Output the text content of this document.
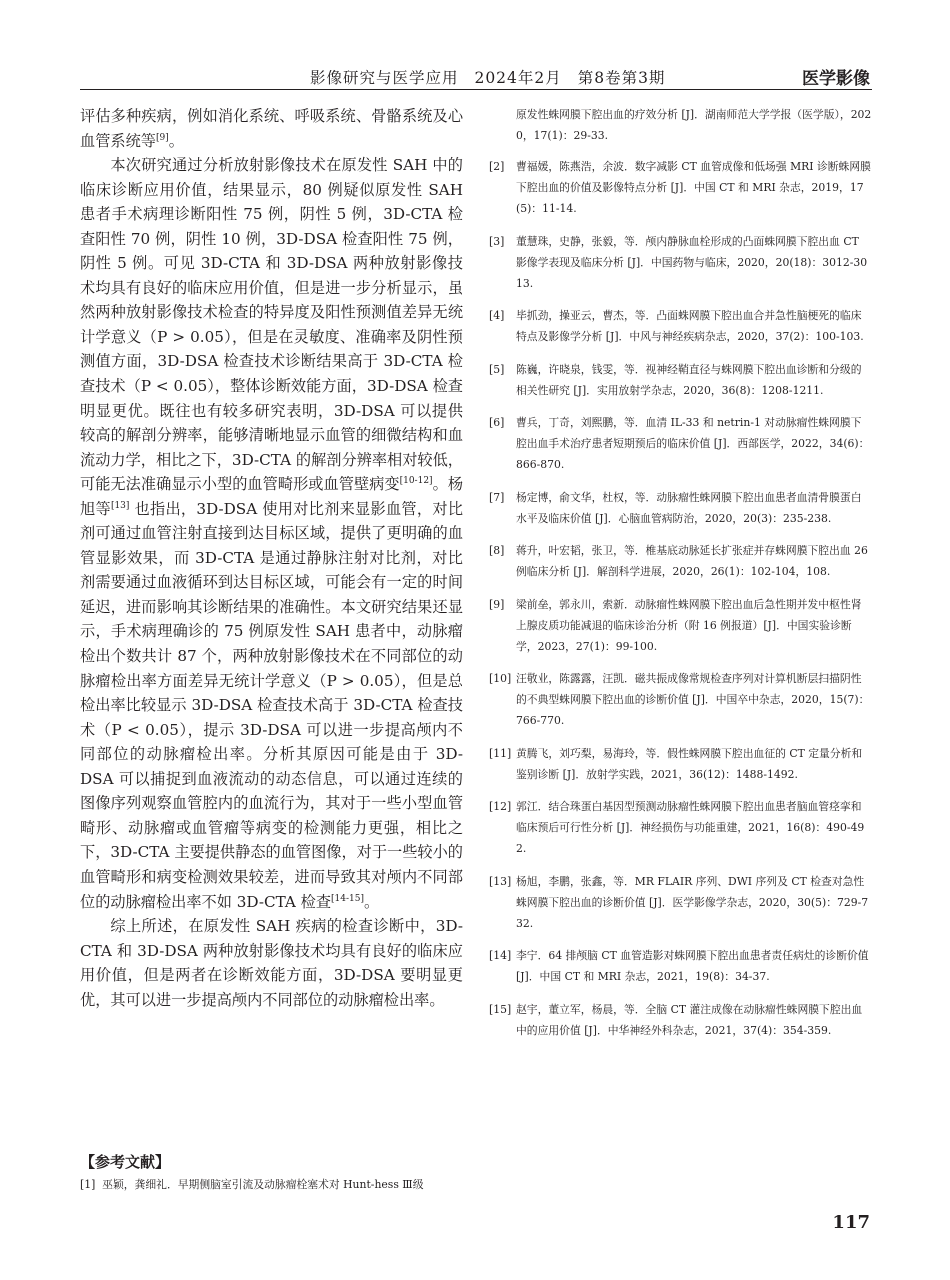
影像研究与医学应用 2024年2月 第8卷第3期	医学影像

评估多种疾病，例如消化系统、呼吸系统、骨骼系统及心血管系统等[9]。

本次研究通过分析放射影像技术在原发性 SAH 中的临床诊断应用价值，结果显示，80 例疑似原发性 SAH 患者手术病理诊断阳性 75 例，阴性 5 例，3D-CTA 检查阳性 70 例，阴性 10 例，3D-DSA 检查阳性 75 例，阴性 5 例。可见 3D-CTA 和 3D-DSA 两种放射影像技术均具有良好的临床应用价值，但是进一步分析显示，虽然两种放射影像技术检查的特异度及阳性预测值差异无统计学意义（P > 0.05），但是在灵敏度、准确率及阴性预测值方面，3D-DSA 检查技术诊断结果高于 3D-CTA 检查技术（P < 0.05），整体诊断效能方面，3D-DSA 检查明显更优。既往也有较多研究表明，3D-DSA 可以提供较高的解剖分辨率，能够清晰地显示血管的细微结构和血流动力学，相比之下，3D-CTA 的解剖分辨率相对较低，可能无法准确显示小型的血管畸形或血管壁病变[10-12]。杨旭等[13] 也指出，3D-DSA 使用对比剂来显影血管，对比剂可通过血管注射直接到达目标区域，提供了更明确的血管显影效果，而 3D-CTA 是通过静脉注射对比剂，对比剂需要通过血液循环到达目标区域，可能会有一定的时间延迟，进而影响其诊断结果的准确性。本文研究结果还显示，手术病理确诊的 75 例原发性 SAH 患者中，动脉瘤检出个数共计 87 个，两种放射影像技术在不同部位的动脉瘤检出率方面差异无统计学意义（P > 0.05），但是总检出率比较显示 3D-DSA 检查技术高于 3D-CTA 检查技术（P < 0.05），提示 3D-DSA 可以进一步提高颅内不同部位的动脉瘤检出率。分析其原因可能是由于 3D-DSA 可以捕捉到血液流动的动态信息，可以通过连续的图像序列观察血管腔内的血流行为，其对于一些小型血管畸形、动脉瘤或血管瘤等病变的检测能力更强，相比之下，3D-CTA 主要提供静态的血管图像，对于一些较小的血管畸形和病变检测效果较差，进而导致其对颅内不同部位的动脉瘤检出率不如 3D-CTA 检查[14-15]。

综上所述，在原发性 SAH 疾病的检查诊断中，3D-CTA 和 3D-DSA 两种放射影像技术均具有良好的临床应用价值，但是两者在诊断效能方面，3D-DSA 要明显更优，其可以进一步提高颅内不同部位的动脉瘤检出率。

【参考文献】
[1] 巫颖，龚细礼．早期侧脑室引流及动脉瘤栓塞术对 Hunt-hess Ⅲ级
原发性蛛网膜下腔出血的疗效分析 [J]．湖南师范大学学报（医学版），2020，17(1)：29-33.
[2] 曹福媛，陈燕浩，余波．数字减影 CT 血管成像和低场强 MRI 诊断蛛网膜下腔出血的价值及影像特点分析 [J]．中国 CT 和 MRI 杂志，2019，17(5)：11-14.
[3] 董慧珠，史静，张毅，等．颅内静脉血栓形成的凸面蛛网膜下腔出血 CT 影像学表现及临床分析 [J]．中国药物与临床，2020，20(18)：3012-3013.
[4] 毕抓劲，操亚云，曹杰，等．凸面蛛网膜下腔出血合并急性脑梗死的临床特点及影像学分析 [J]．中风与神经疾病杂志，2020，37(2)：100-103.
[5] 陈巍，许晓泉，钱雯，等．视神经鞘直径与蛛网膜下腔出血诊断和分级的相关性研究 [J]．实用放射学杂志，2020，36(8)：1208-1211.
[6] 曹兵，丁奇，刘熙鹏，等．血清 IL-33 和 netrin-1 对动脉瘤性蛛网膜下腔出血手术治疗患者短期预后的临床价值 [J]．西部医学，2022，34(6)：866-870.
[7] 杨定博，俞文华，杜权，等．动脉瘤性蛛网膜下腔出血患者血清骨膜蛋白水平及临床价值 [J]．心脑血管病防治，2020，20(3)：235-238.
[8] 蒋升，叶宏韬，张卫，等．椎基底动脉延长扩张症并存蛛网膜下腔出血 26 例临床分析 [J]．解剖科学进展，2020，26(1)：102-104，108.
[9] 梁前垒，郭永川，索新．动脉瘤性蛛网膜下腔出血后急性期并发中枢性肾上腺皮质功能减退的临床诊治分析（附 16 例报道）[J]．中国实验诊断学，2023，27(1)：99-100.
[10] 汪敬业，陈露露，汪凯．磁共振成像常规检查序列对计算机断层扫描阴性的不典型蛛网膜下腔出血的诊断价值 [J]．中国卒中杂志，2020，15(7)：766-770.
[11] 黄腾飞，刘巧梨，易海玲，等．假性蛛网膜下腔出血征的 CT 定量分析和鉴别诊断 [J]．放射学实践，2021，36(12)：1488-1492.
[12] 郭江．结合珠蛋白基因型预测动脉瘤性蛛网膜下腔出血患者脑血管痉挛和临床预后可行性分析 [J]．神经损伤与功能重建，2021，16(8)：490-492.
[13] 杨旭，李鹏，张鑫，等．MR FLAIR 序列、DWI 序列及 CT 检查对急性蛛网膜下腔出血的诊断价值 [J]．医学影像学杂志，2020，30(5)：729-732.
[14] 李宁．64 排颅脑 CT 血管造影对蛛网膜下腔出血患者责任病灶的诊断价值 [J]．中国 CT 和 MRI 杂志，2021，19(8)：34-37.
[15] 赵宇，董立军，杨晨，等．全脑 CT 灌注成像在动脉瘤性蛛网膜下腔出血中的应用价值 [J]．中华神经外科杂志，2021，37(4)：354-359.
117
